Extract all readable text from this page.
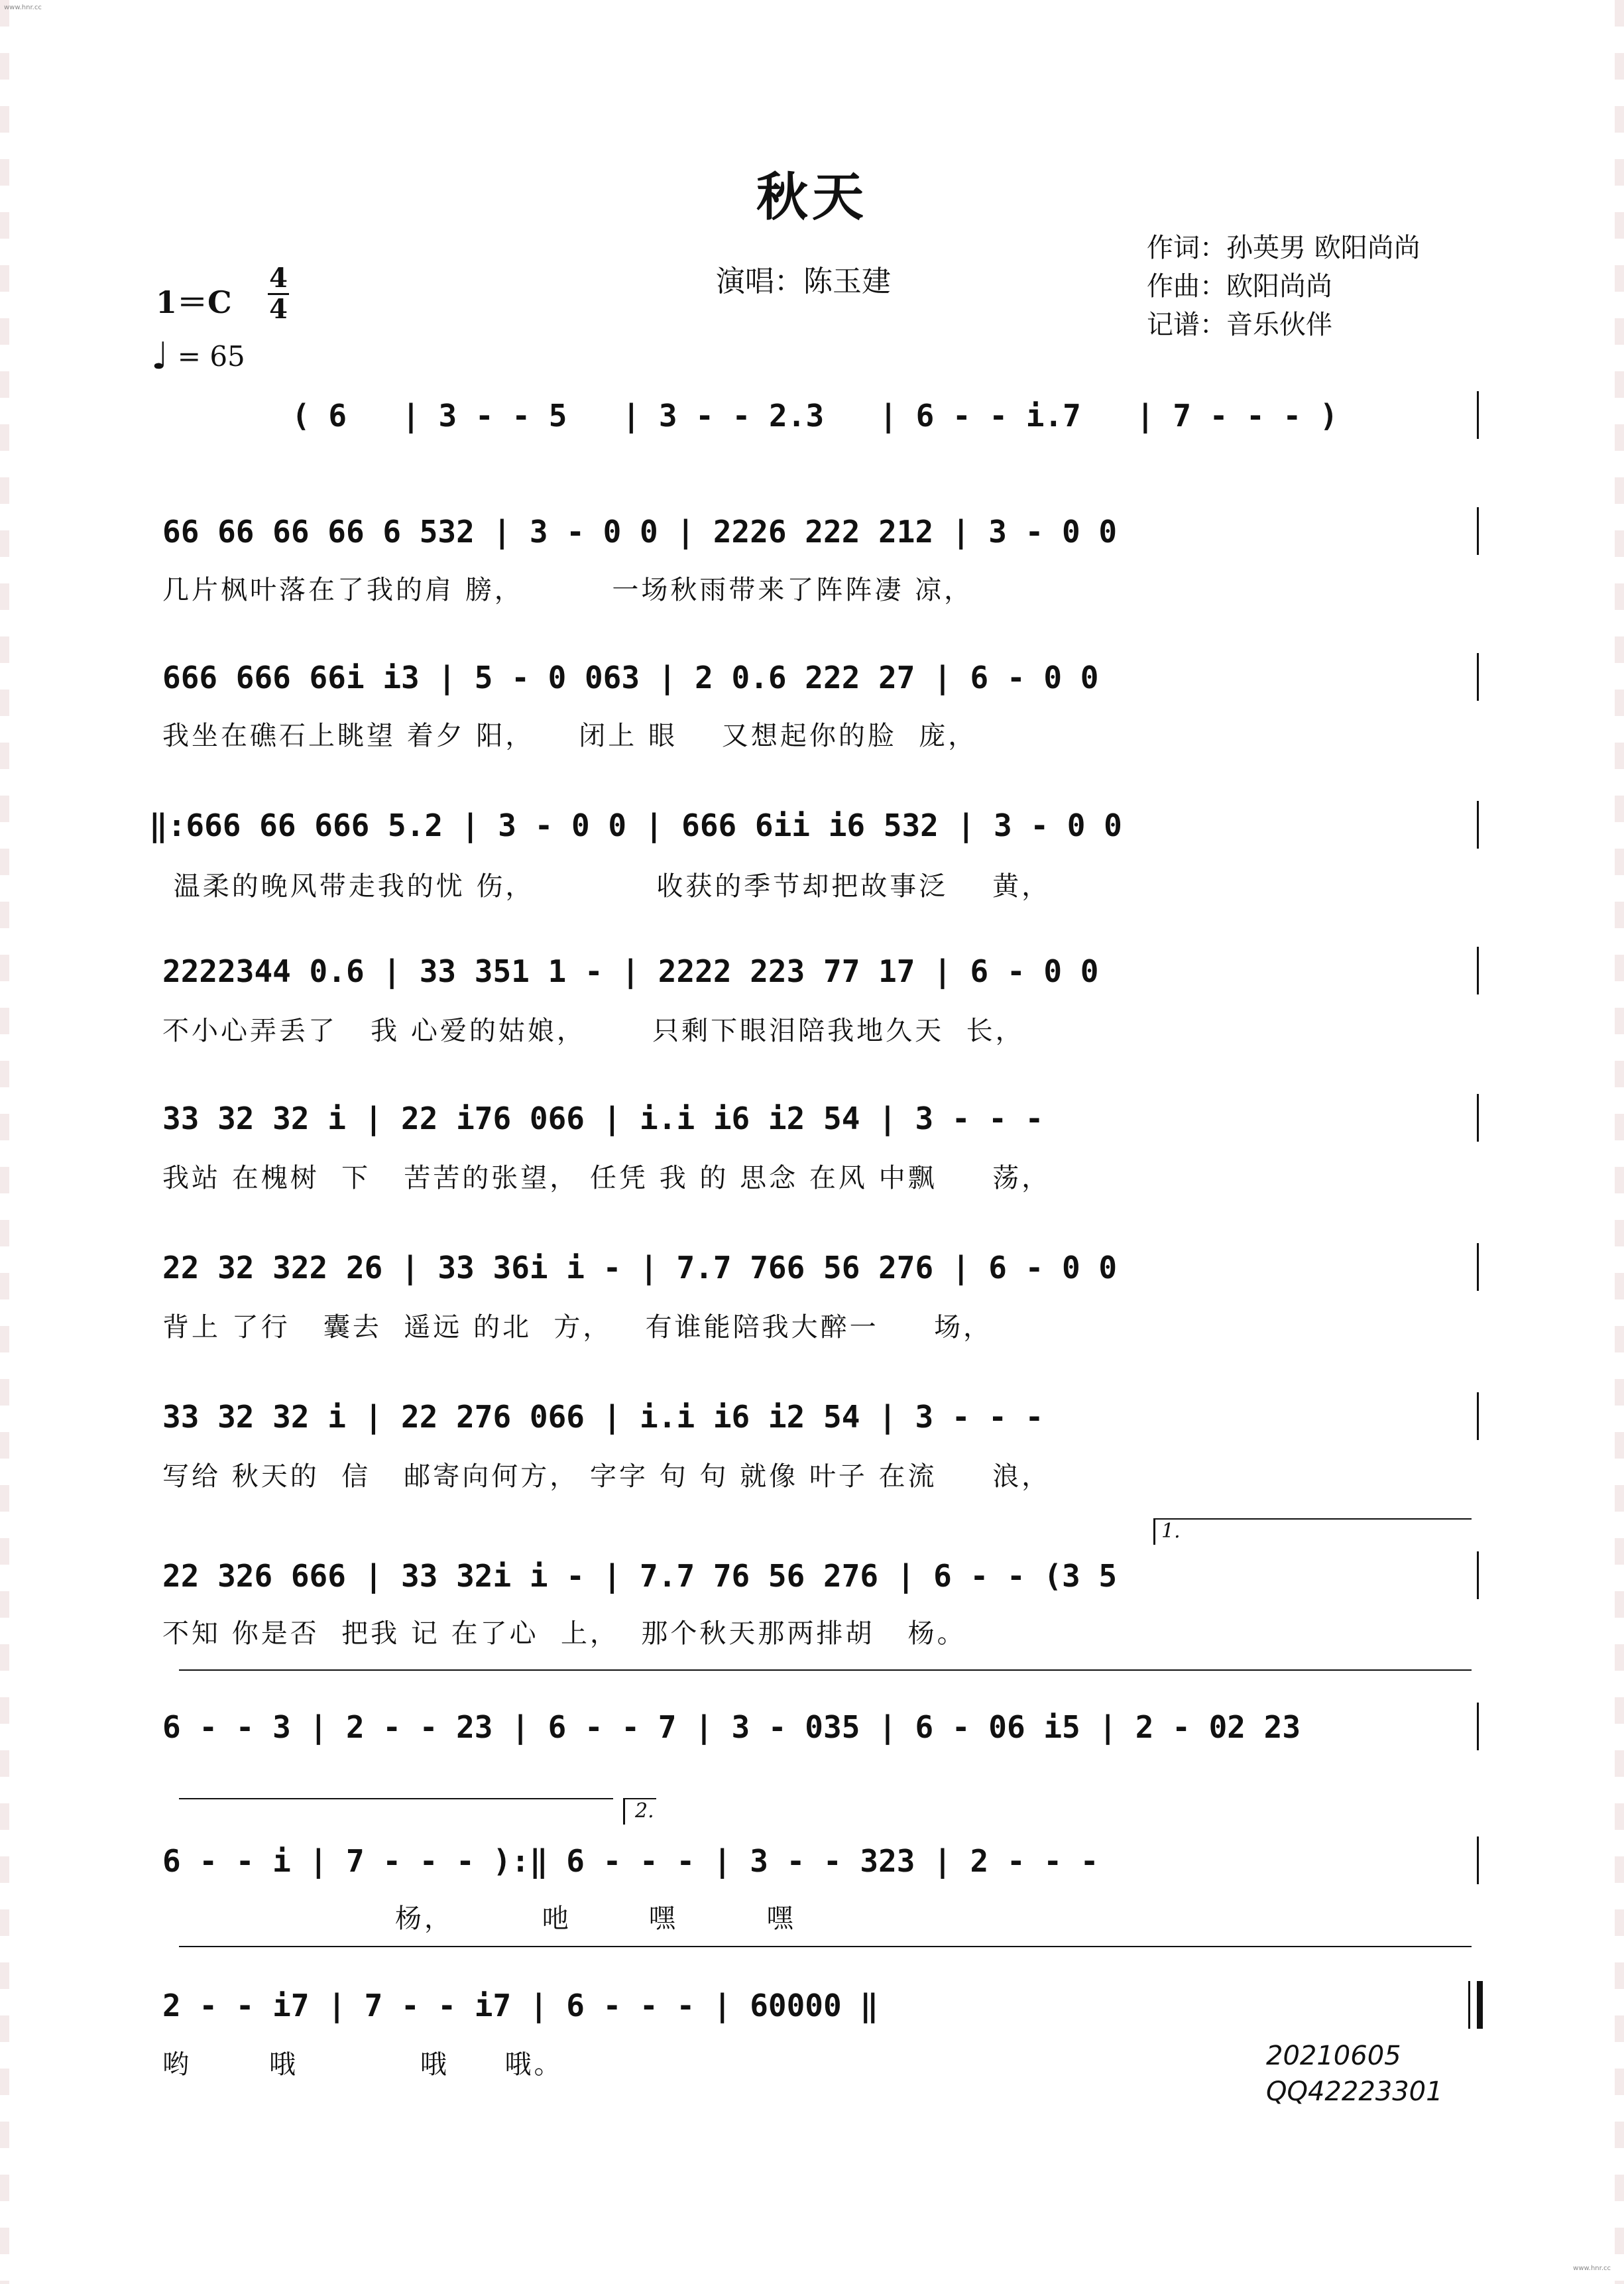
www.hnr.cc
www.hnr.cc
秋天
演唱：陈玉建
作词：孙英男 欧阳尚尚
作曲：欧阳尚尚
记谱：音乐伙伴
1＝C
4
4
♩ = 65
( 6   | 3 - - 5   | 3 - - 2.3   | 6 - - i.7   | 7 - - - )
66 66 66 66 6 532 | 3 - 0 0 | 2226 222 212 | 3 - 0 0
几片枫叶落在了我的肩 膀，        一场秋雨带来了阵阵凄 凉，
666 666 66i i3 | 5 - 0 063 | 2 0.6 222 27 | 6 - 0 0
我坐在礁石上眺望 着夕 阳，    闭上 眼    又想起你的脸  庞，
‖:666 66 666 5.2 | 3 - 0 0 | 666 6ii i6 532 | 3 - 0 0
温柔的晚风带走我的忧 伤，           收获的季节却把故事泛    黄，
2222344 0.6 | 33 351 1 - | 2222 223 77 17 | 6 - 0 0
不小心弄丢了   我 心爱的姑娘，      只剩下眼泪陪我地久天  长，
33 32 32 i | 22 i76 066 | i.i i6 i2 54 | 3 - - -
我站 在槐树  下   苦苦的张望， 任凭 我 的 思念 在风 中飘     荡，
22 32 322 26 | 33 36i i - | 7.7 766 56 276 | 6 - 0 0
背上 了行   囊去  遥远 的北  方，   有谁能陪我大醉一     场，
33 32 32 i | 22 276 066 | i.i i6 i2 54 | 3 - - -
写给 秋天的  信   邮寄向何方， 字字 句 句 就像 叶子 在流     浪，
1.
22 326 666 | 33 32i i - | 7.7 76 56 276 | 6 - - (3 5
不知 你是否  把我 记 在了心  上，  那个秋天那两排胡   杨。
6 - - 3 | 2 - - 23 | 6 - - 7 | 3 - 035 | 6 - 06 i5 | 2 - 02 23
2.
6 - - i | 7 - - - ):‖ 6 - - - | 3 - - 323 | 2 - - -
杨，        吔       嘿        嘿
2 - - i7 | 7 - - i7 | 6 - - - | 60000 ‖
哟       哦           哦     哦。	20210605
QQ42223301
